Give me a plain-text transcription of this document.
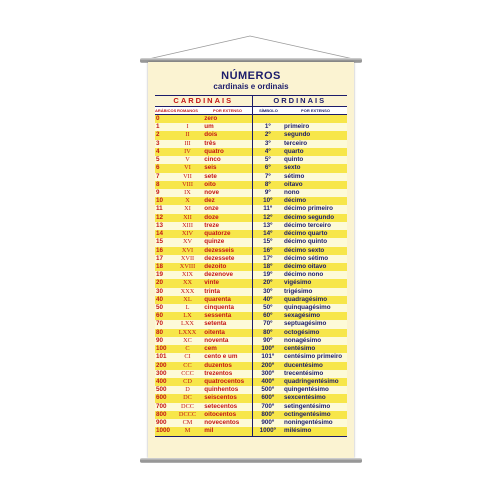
NÚMEROS
cardinais e ordinais
CARDINAIS	ORDINAIS
ARÁBICOS ROMANOS	POR EXTENSO	SÍMBOLO	POR EXTENSO
0	zero
1	I	um	1º	primeiro
2	II	dois	2º	segundo
3	III	três	3º	terceiro
4	IV	quatro	4º	quarto
5	V	cinco	5º	quinto
6	VI	seis	6º	sexto
7	VII	sete	7º	sétimo
8	VIII	oito	8º	oitavo
9	IX	nove	9º	nono
10	X	dez	10º	décimo
11	XI	onze	11º	décimo primeiro
12	XII	doze	12º	décimo segundo
13	XIII	treze	13º	décimo terceiro
14	XIV	quatorze	14º	décimo quarto
15	XV	quinze	15º	décimo quinto
16	XVI	dezesseis	16º	décimo sexto
17	XVII	dezessete	17º	décimo sétimo
18	XVIII	dezoito	18º	décimo oitavo
19	XIX	dezenove	19º	décimo nono
20	XX	vinte	20º	vigésimo
30	XXX	trinta	30º	trigésimo
40	XL	quarenta	40º	quadragésimo
50	L	cinquenta	50º	quinquagésimo
60	LX	sessenta	60º	sexagésimo
70	LXX	setenta	70º	septuagésimo
80	LXXX	oitenta	80º	octogésimo
90	XC	noventa	90º	nonagésimo
100	C	cem	100º	centésimo
101	CI	cento e um	101º	centésimo primeiro
200	CC	duzentos	200º	ducentésimo
300	CCC	trezentos	300º	trecentésimo
400	CD	quatrocentos	400º	quadringentésimo
500	D	quinhentos	500º	quingentésimo
600	DC	seiscentos	600º	sexcentésimo
700	DCC	setecentos	700º	setingentésimo
800	DCCC	oitocentos	800º	octingentésimo
900	CM	novecentos	900º	noningentésimo
1000	M	mil	1000º	milésimo
